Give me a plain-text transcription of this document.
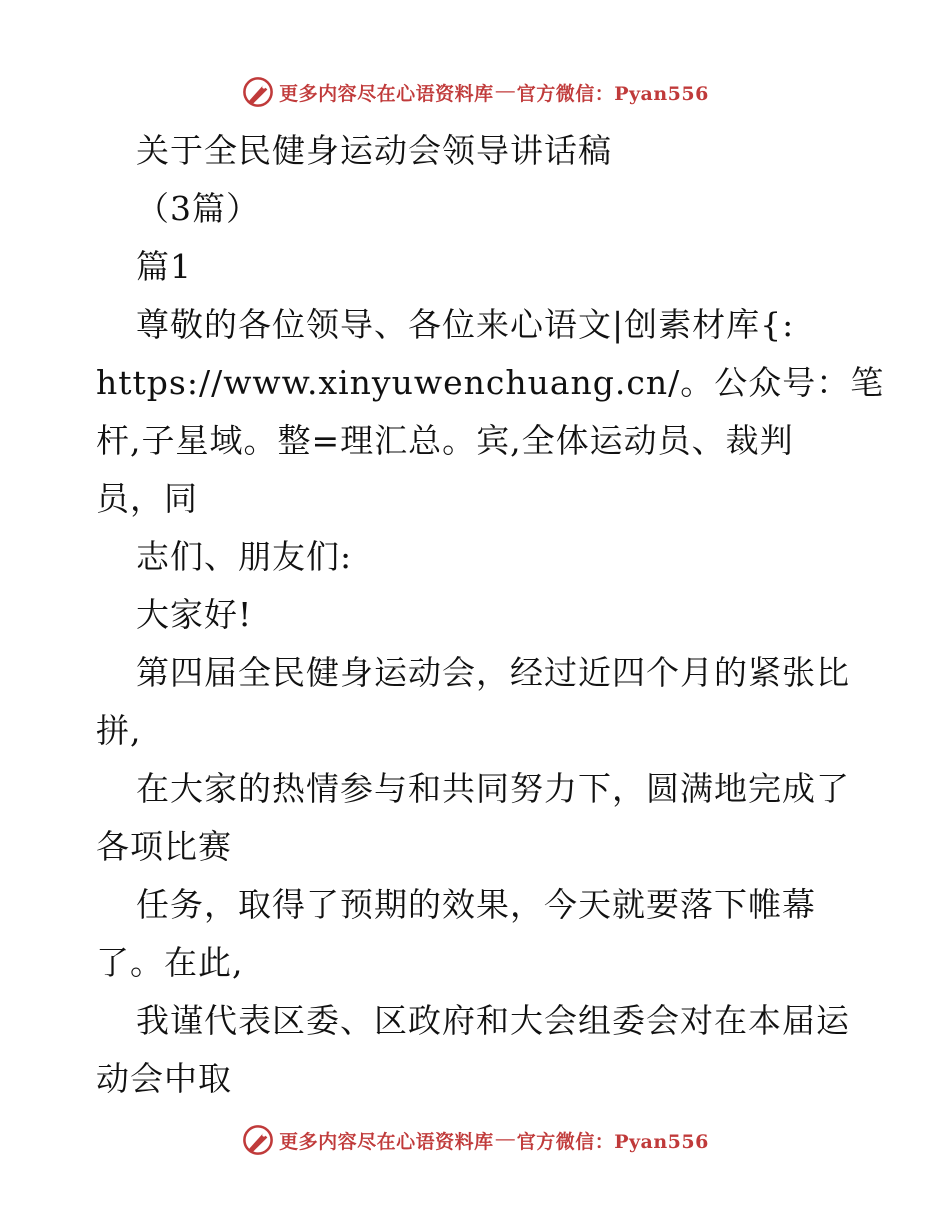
更多内容尽在心语资料库 — 官方微信：Pyan556
关于全民健身运动会领导讲话稿
（3篇）
篇1
尊敬的各位领导、各位来心语文|创素材库{:
https://www.xinyuwenchuang.cn/。公众号：笔
杆,子星域。整=理汇总。宾,全体运动员、裁判
员，同
志们、朋友们:
大家好!
第四届全民健身运动会，经过近四个月的紧张比
拼,
在大家的热情参与和共同努力下，圆满地完成了
各项比赛
任务，取得了预期的效果，今天就要落下帷幕
了。在此,
我谨代表区委、区政府和大会组委会对在本届运
动会中取
更多内容尽在心语资料库 — 官方微信：Pyan556
